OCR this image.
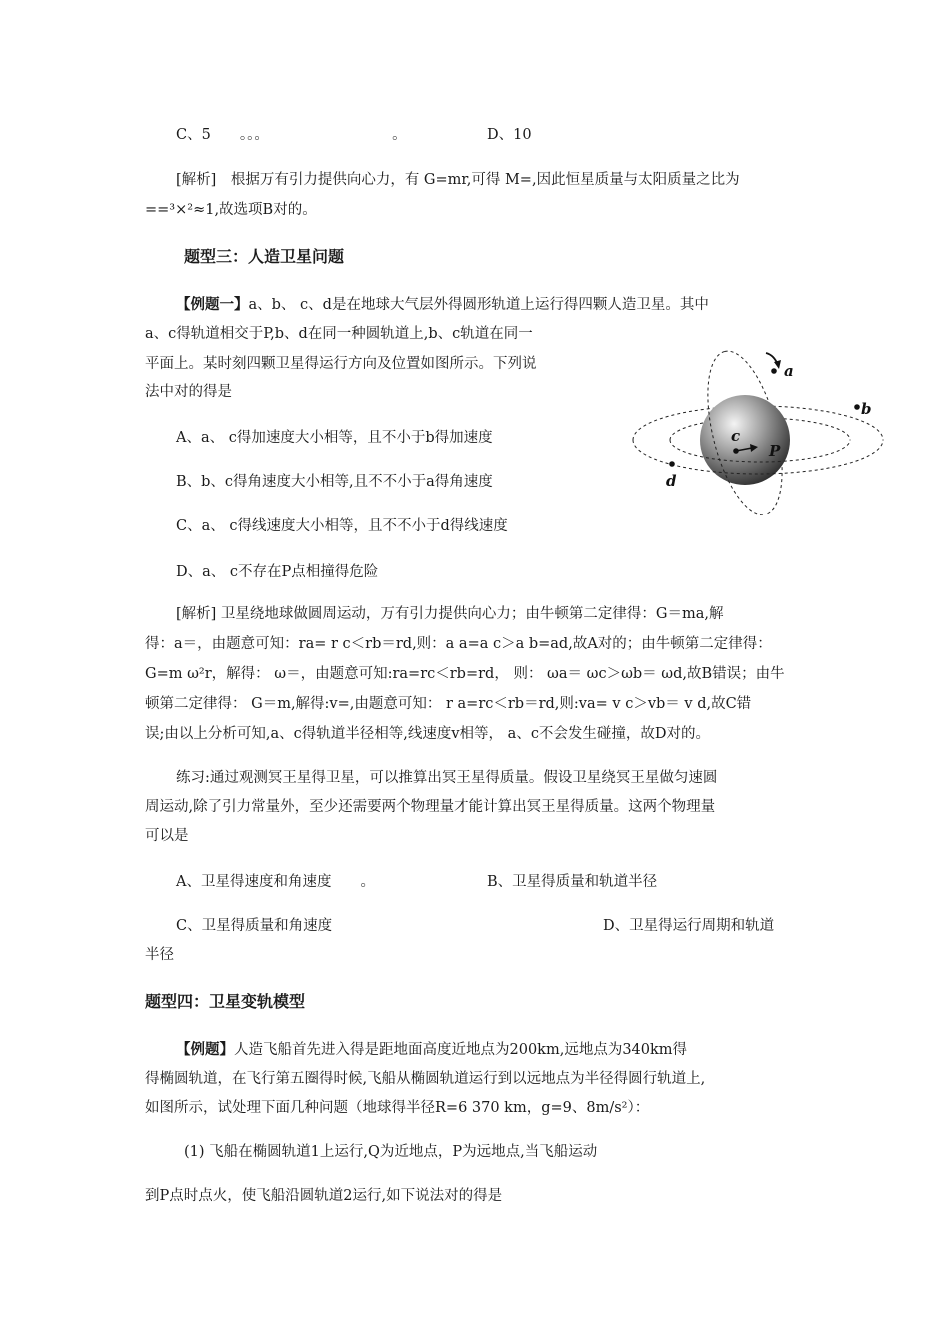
C、5　　。。。　　　　　　　　　。	D、10
[解析]　根据万有引力提供向心力，有 G=mr,可得 M=,因此恒星质量与太阳质量之比为
==³×²≈1,故选项B对的。
题型三：人造卫星问题
【例题一】a、b、 c、d是在地球大气层外得圆形轨道上运行得四颗人造卫星。其中
a、c得轨道相交于P,b、d在同一种圆轨道上,b、c轨道在同一
平面上。某时刻四颗卫星得运行方向及位置如图所示。下列说
法中对的得是
A、a、 c得加速度大小相等，且不小于b得加速度
B、b、c得角速度大小相等,且不不小于a得角速度
C、a、 c得线速度大小相等，且不不小于d得线速度
D、a、 c不存在P点相撞得危险
a
b
c
d
P
[解析] 卫星绕地球做圆周运动，万有引力提供向心力；由牛顿第二定律得：G＝ma,解
得：a＝，由题意可知：ra= r c＜rb＝rd,则：a a=a c＞a b=ad,故A对的；由牛顿第二定律得：
G=m ω²r，解得： ω＝，由题意可知:ra=rc＜rb=rd， 则： ωa＝ ωc＞ωb＝ ωd,故B错误；由牛
顿第二定律得： G＝m,解得:v=,由题意可知： r a=rc＜rb＝rd,则:va= v c＞vb＝ v d,故C错
误;由以上分析可知,a、c得轨道半径相等,线速度v相等， a、c不会发生碰撞，故D对的。
练习:通过观测冥王星得卫星，可以推算出冥王星得质量。假设卫星绕冥王星做匀速圆
周运动,除了引力常量外，至少还需要两个物理量才能计算出冥王星得质量。这两个物理量
可以是
A、卫星得速度和角速度　　。	B、卫星得质量和轨道半径
C、卫星得质量和角速度	D、卫星得运行周期和轨道
半径
题型四：卫星变轨模型
【例题】人造飞船首先进入得是距地面高度近地点为200km,远地点为340km得
得椭圆轨道，在飞行第五圈得时候,飞船从椭圆轨道运行到以远地点为半径得圆行轨道上,
如图所示，试处理下面几种问题（地球得半径R=6 370 km，g=9、8m/s²）：
(1) 飞船在椭圆轨道1上运行,Q为近地点，P为远地点,当飞船运动
到P点时点火，使飞船沿圆轨道2运行,如下说法对的得是
